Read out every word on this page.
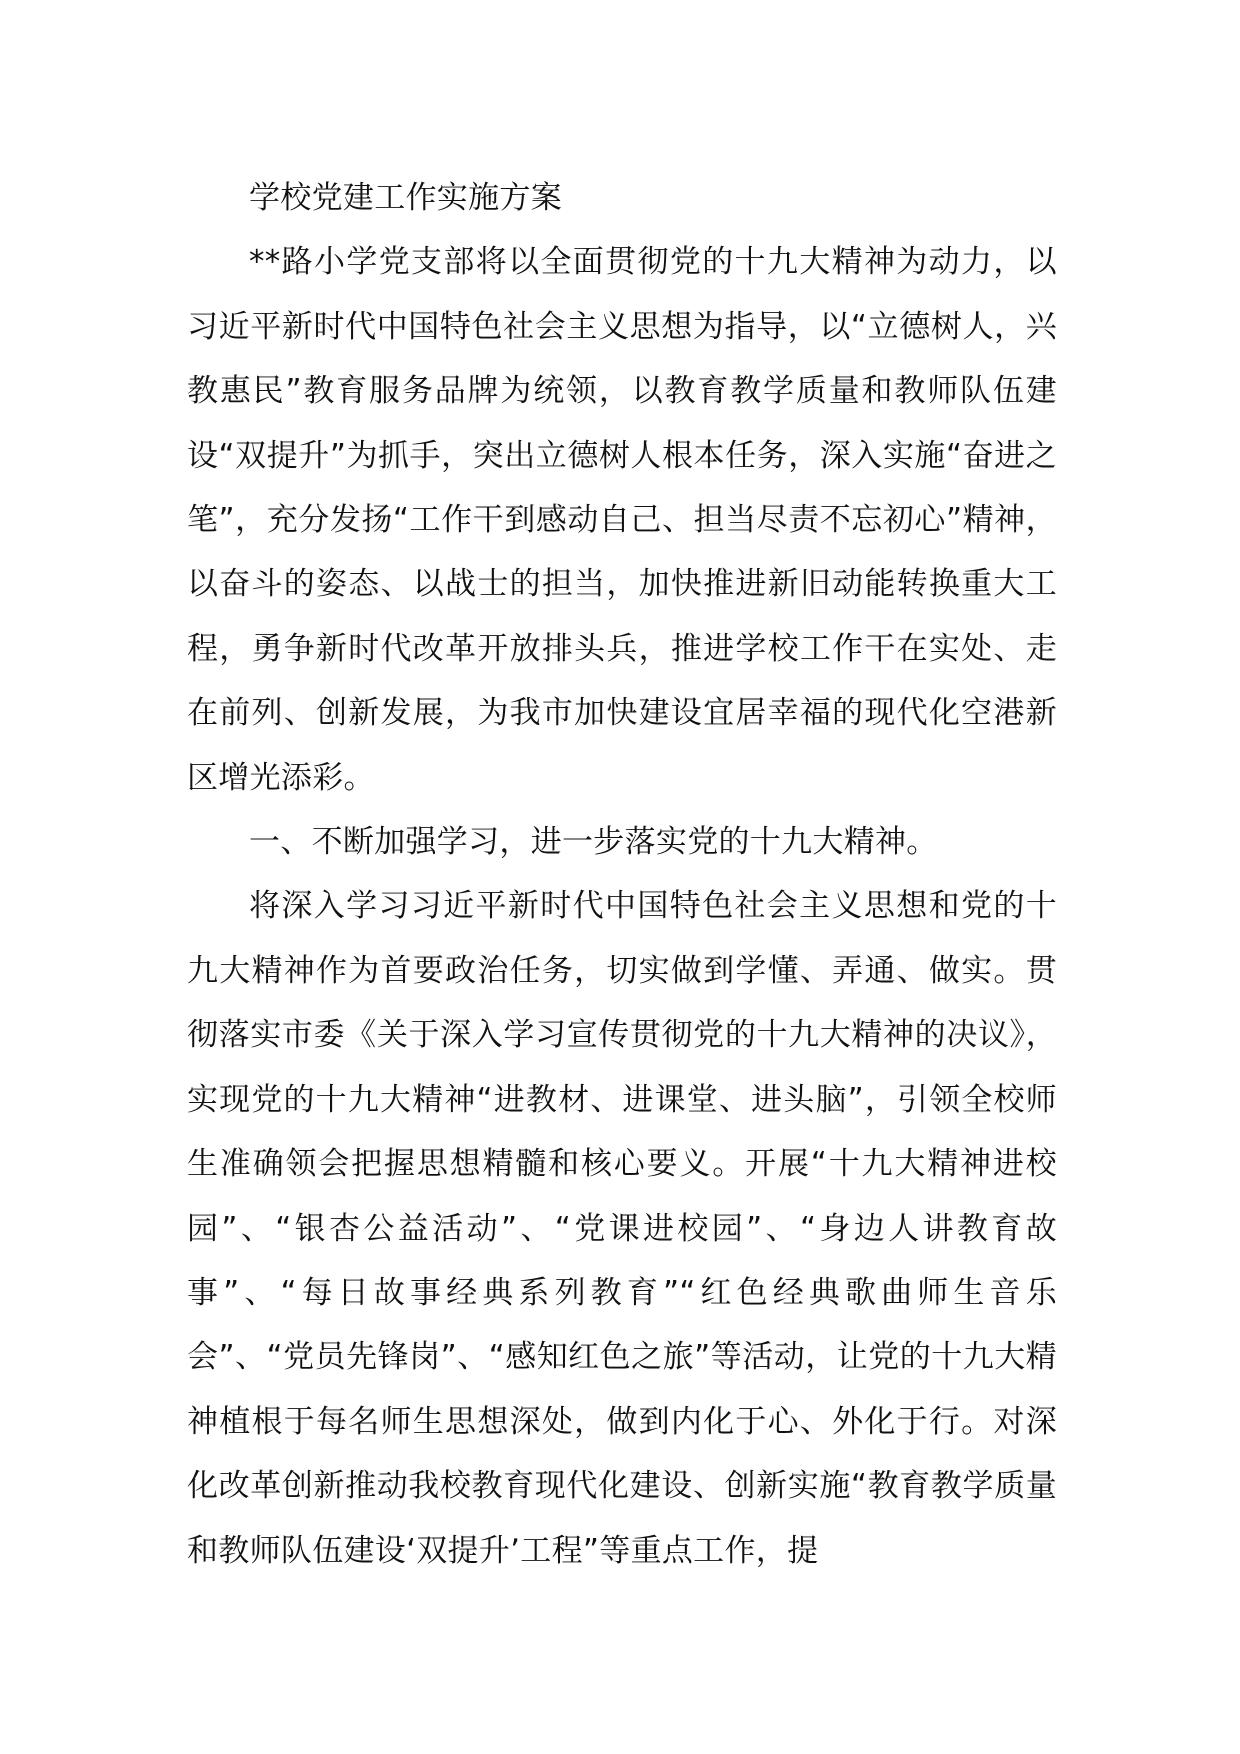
学校党建工作实施方案

**路小学党支部将以全面贯彻党的十九大精神为动力，以习近平新时代中国特色社会主义思想为指导，以“立德树人，兴教惠民”教育服务品牌为统领，以教育教学质量和教师队伍建设“双提升”为抓手，突出立德树人根本任务，深入实施“奋进之笔”，充分发扬“工作干到感动自己、担当尽责不忘初心”精神，以奋斗的姿态、以战士的担当，加快推进新旧动能转换重大工程，勇争新时代改革开放排头兵，推进学校工作干在实处、走在前列、创新发展，为我市加快建设宜居幸福的现代化空港新区增光添彩。

一、不断加强学习，进一步落实党的十九大精神。

将深入学习习近平新时代中国特色社会主义思想和党的十九大精神作为首要政治任务，切实做到学懂、弄通、做实。贯彻落实市委《关于深入学习宣传贯彻党的十九大精神的决议》，实现党的十九大精神“进教材、进课堂、进头脑”，引领全校师生准确领会把握思想精髓和核心要义。开展“十九大精神进校园”、“银杏公益活动”、“党课进校园”、“身边人讲教育故事”、“每日故事经典系列教育”“红色经典歌曲师生音乐会”、“党员先锋岗”、“感知红色之旅”等活动，让党的十九大精神植根于每名师生思想深处，做到内化于心、外化于行。对深化改革创新推动我校教育现代化建设、创新实施“教育教学质量和教师队伍建设‘双提升’工程”等重点工作，提
